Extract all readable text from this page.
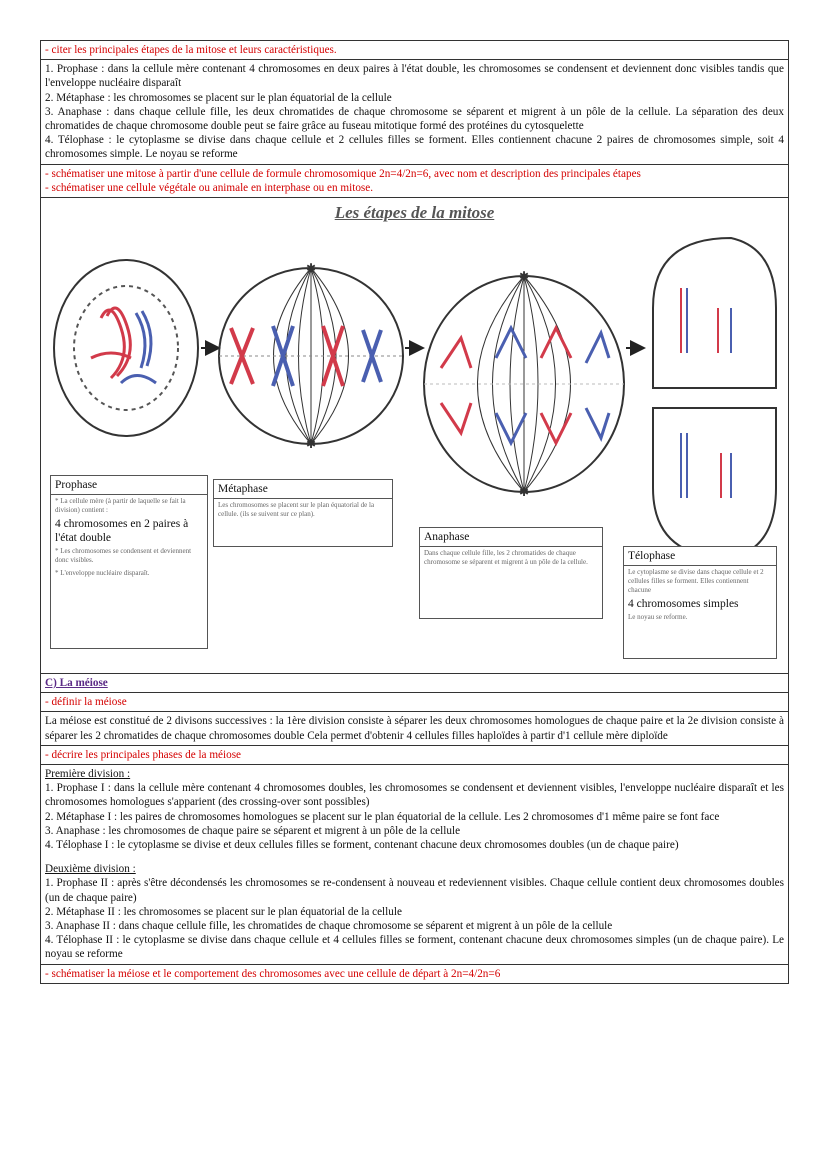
- citer les principales étapes de la mitose et leurs caractéristiques.
1. Prophase : dans la cellule mère contenant 4 chromosomes en deux paires à l'état double, les chromosomes se condensent et deviennent donc visibles tandis que l'enveloppe nucléaire disparaît
2. Métaphase : les chromosomes se placent sur le plan équatorial de la cellule
3. Anaphase : dans chaque cellule fille, les deux chromatides de chaque chromosome se séparent et migrent à un pôle de la cellule. La séparation des deux chromatides de chaque chromosome double peut se faire grâce au fuseau mitotique formé des protéines du cytosquelette
4. Télophase : le cytoplasme se divise dans chaque cellule et 2 cellules filles se forment. Elles contiennent chacune 2 paires de chromosomes simple, soit 4 chromosomes simple. Le noyau se reforme
- schématiser une mitose à partir d'une cellule de formule chromosomique 2n=4/2n=6, avec nom et description des principales étapes
- schématiser une cellule végétale ou animale en interphase ou en mitose.
Les étapes de la mitose
✱
✱
✱
✱
Prophase
* La cellule mère (à partir de laquelle se fait la division) contient :
4 chromosomes en 2 paires à l'état double
* Les chromosomes se condensent et deviennent donc visibles.
* L'enveloppe nucléaire disparaît.
Métaphase
Les chromosomes se placent sur le plan équatorial de la cellule. (ils se suivent sur ce plan).
Anaphase
Dans chaque cellule fille, les 2 chromatides de chaque chromosome se séparent et migrent à un pôle de la cellule.
Télophase
Le cytoplasme se divise dans chaque cellule et 2 cellules filles se forment. Elles contiennent chacune
4 chromosomes simples
Le noyau se reforme.
C) La méiose
- définir la méiose
La méiose est constitué de 2 divisons successives : la 1ère division consiste à séparer les deux chromosomes homologues de chaque paire et la 2e division consiste à séparer les 2 chromatides de chaque chromosomes double Cela permet d'obtenir 4 cellules filles haploïdes à partir d'1 cellule mère diploïde
- décrire les principales phases de la méiose
Première division :
1. Prophase I : dans la cellule mère contenant 4 chromosomes doubles, les chromosomes se condensent et deviennent visibles, l'enveloppe nucléaire disparaît et les chromosomes homologues s'apparient (des crossing-over sont possibles)
2. Métaphase I : les paires de chromosomes homologues se placent sur le plan équatorial de la cellule. Les 2 chromosomes d'1 même paire se font face
3. Anaphase : les chromosomes de chaque paire se séparent et migrent à un pôle de la cellule
4. Télophase I : le cytoplasme se divise et deux cellules filles se forment, contenant chacune deux chromosomes doubles (un de chaque paire)
Deuxième division :
1. Prophase II : après s'être décondensés les chromosomes se re-condensent à nouveau et redeviennent visibles. Chaque cellule contient deux chromosomes doubles (un de chaque paire)
2. Métaphase II : les chromosomes se placent sur le plan équatorial de la cellule
3. Anaphase II : dans chaque cellule fille, les chromatides de chaque chromosome se séparent et migrent à un pôle de la cellule
4. Télophase II : le cytoplasme se divise dans chaque cellule et 4 cellules filles se forment, contenant chacune deux chromosomes simples (un de chaque paire). Le noyau se reforme
- schématiser la méiose et le comportement des chromosomes avec une cellule de départ à 2n=4/2n=6
